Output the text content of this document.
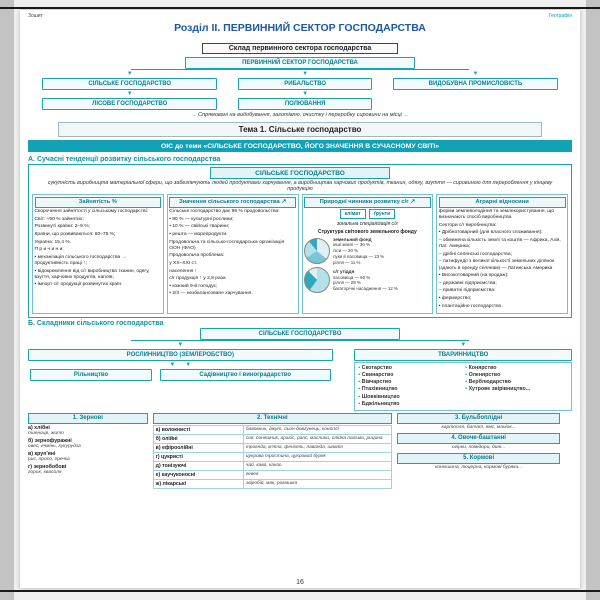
Зошит	Географія
Розділ ІІ. ПЕРВИННИЙ СЕКТОР ГОСПОДАРСТВА
Склад первинного сектора господарства
ПЕРВИННИЙ СЕКТОР ГОСПОДАРСТВА
▼
СІЛЬСЬКЕ ГОСПОДАРСТВО
▼
ЛІСОВЕ ГОСПОДАРСТВО
▼
РИБАЛЬСТВО
▼
ПОЛЮВАННЯ
▼
ВИДОБУВНА ПРОМИСЛОВІСТЬ
→ Спрямовані на видобування, заготівлю, очистку і переробку сировини на місці ←
Тема 1. Сільське господарство
ОІС до теми «СІЛЬСЬКЕ ГОСПОДАРСТВО, ЙОГО ЗНАЧЕННЯ В СУЧАСНОМУ СВІТІ»
А. Сучасні тенденції розвитку сільського господарства
СІЛЬСЬКЕ ГОСПОДАРСТВО
сукупність виробництв матеріальної сфери, що забезпечують людей продуктами харчування, а виробництва харчових продуктів, тканин, одягу, взуття — сировиною для перероблення у кінцеву продукцію
Зайнятість %
Скорочення зайнятості у сільському господарстві:
Світ: ≈50 % зайнятих;
Розвинуті країни: 2–9 %;
Країни, що розвиваються: 60–75 %;
Україна: 15,4 %.
П р и ч и н и:
• механізація сільського господарства → продуктивність праці ↑;
• відокремлення від с/г виробництва тканин, одягу, взуття, харчових продуктів, напоїв;
• імпорт с/г продукції розвинутих країн.
Значення сільського господарства ↗
Сільське господарство дає 98 % продовольства:
• 80 % — культурні рослини;
• 10 % — свійські тварини;
• решта — морепродукти.
Продовольча та сільсько-господарська організація ООН (ФАО)
Продовольча проблема:
у XX–XXI ст.
населення ↑
с/г продукція ↑ у 2,8 раза
• кожний 9-й голодує;
• 2/3 — незбалансоване харчування.
Природні чинники розвитку с/г ↗
клімат	ґрунти
зональна спеціалізація с/г
Структура світового земельного фонду
земельний фонд
інші землі — 36 %
ліси — 30 %
луки й пасовища — 23 %
рілля — 11 %
с/г угіддя
пасовища — 60 %
рілля — 28 %
багаторічні насадження — 12 %
Аграрні відносини
форми землеволодіння та землекористування, що визначають спосіб виробництва
Сектори с/г виробництва:
• Дрібнотоварний (для власного споживання):
– обмежена кількість землі та коштів — Африка, Азія, Лат. Америка;
– дрібні селянські господарства;
– латифундії з великої кількості земельних ділянок (здають в оренду селянам) — Латинська Америка
• Високотоварний (на продаж):
– державні підприємства;
– приватні підприємства:
• фермерство;
• плантаційне господарство.
Б. Складники сільського господарства
СІЛЬСЬКЕ ГОСПОДАРСТВО
▼
РОСЛИННИЦТВО (ЗЕМЛЕРОБСТВО)
▼      ▼
Рільництво	Садівництво і виноградарство
▼
ТВАРИННИЦТВО
▪ Скотарство
▪ Свинарство
▪ Вівчарство
▪ Птахівництво
▪ Шовківництво
▪ Бджільництво
▪ Конярство
▪ Оленярство
▪ Верблюдарство
▪ Хутрове звірівництво...
1. Зернові
а) хлібні
пшениця, жито
б) зернофуражні
овес, ячмінь, кукурудза
в) круп'яні
рис, просо, гречка
г) зернобобові
горох, квасоля
2. Технічні
а) волокнисті	бавовник, джут, льон-довгунець, коноплі
б) олійні	соя, соняшник, арахіс, рапс, маслини, олійна пальма, рицина
в) ефіроолійні	троянда, м'ята, фенхель, лаванда, шавлія
г) цукристі	цукрова тростина, цукровий буряк
д) тонізуючі	чай, кава, какао
е) каучуконосні	гевея
ж) лікарські	звіробій, мак, ромашка
3. Бульбоплідні
картопля, батат, ямс, маніок...
4. Овоче-баштанні
огірки, помідори, дині...
5. Кормові
конюшина, люцерна, кормові буряки...
16
